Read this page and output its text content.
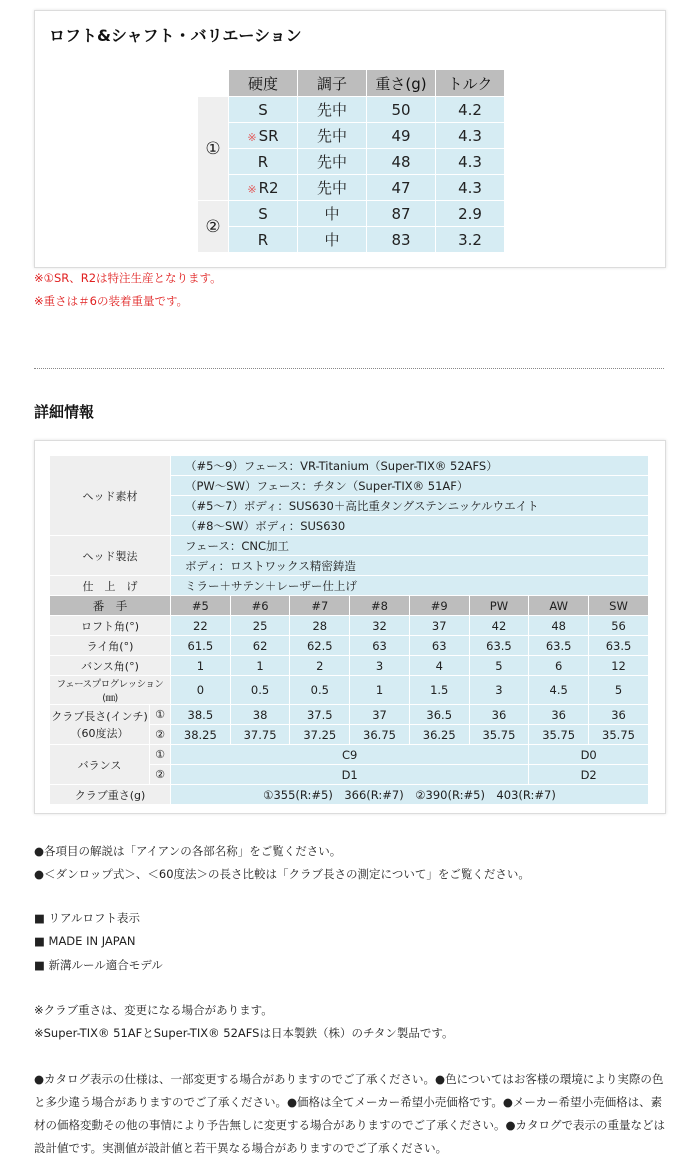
ロフト&シャフト・バリエーション
	硬度	調子	重さ(g)	トルク
①	S	先中	50	4.2
	※ SR	先中	49	4.3
	R	先中	48	4.3
	※ R2	先中	47	4.3
②	S	中	87	2.9
	R	中	83	3.2
※①SR、R2は特注生産となります。
※重さは＃6の装着重量です。
詳細情報
ヘッド素材		（#5〜9）フェース：VR-Titanium（Super-TIX® 52AFS）							
		（PW〜SW）フェース：チタン（Super-TIX® 51AF）							
		（#5〜7）ボディ：SUS630＋高比重タングステンニッケルウエイト							
		（#8〜SW）ボディ：SUS630							
ヘッド製法		フェース：CNC加工							
		ボディ：ロストワックス精密鋳造							
仕　上　げ		ミラー＋サテン＋レーザー仕上げ							
番　手		#5	#6	#7	#8	#9	PW	AW	SW
ロフト角(°)		22	25	28	32	37	42	48	56
ライ角(°)		61.5	62	62.5	63	63	63.5	63.5	63.5
バンス角(°)		1	1	2	3	4	5	6	12
フェースプログレッション(㎜)		0	0.5	0.5	1	1.5	3	4.5	5
クラブ長さ(インチ)
（60度法）	①	38.5	38	37.5	37	36.5	36	36	36
	②	38.25	37.75	37.25	36.75	36.25	35.75	35.75	35.75
バランス	①	C9						D0	
	②	D1						D2	
クラブ重さ(g)		①355(R:#5)　366(R:#7)　②390(R:#5)　403(R:#7)							
●各項目の解説は「アイアンの各部名称」をご覧ください。
●＜ダンロップ式＞、＜60度法＞の長さ比較は「クラブ長さの測定について」をご覧ください。
■ リアルロフト表示
■ MADE IN JAPAN
■ 新溝ルール適合モデル
※クラブ重さは、変更になる場合があります。
※Super-TIX® 51AFとSuper-TIX® 52AFSは日本製鉄（株）のチタン製品です。
●カタログ表示の仕様は、一部変更する場合がありますのでご了承ください。●色についてはお客様の環境により実際の色と多少違う場合がありますのでご了承ください。●価格は全てメーカー希望小売価格です。●メーカー希望小売価格は、素材の価格変動その他の事情により予告無しに変更する場合がありますのでご了承ください。●カタログで表示の重量などは設計値です。実測値が設計値と若干異なる場合がありますのでご了承ください。
